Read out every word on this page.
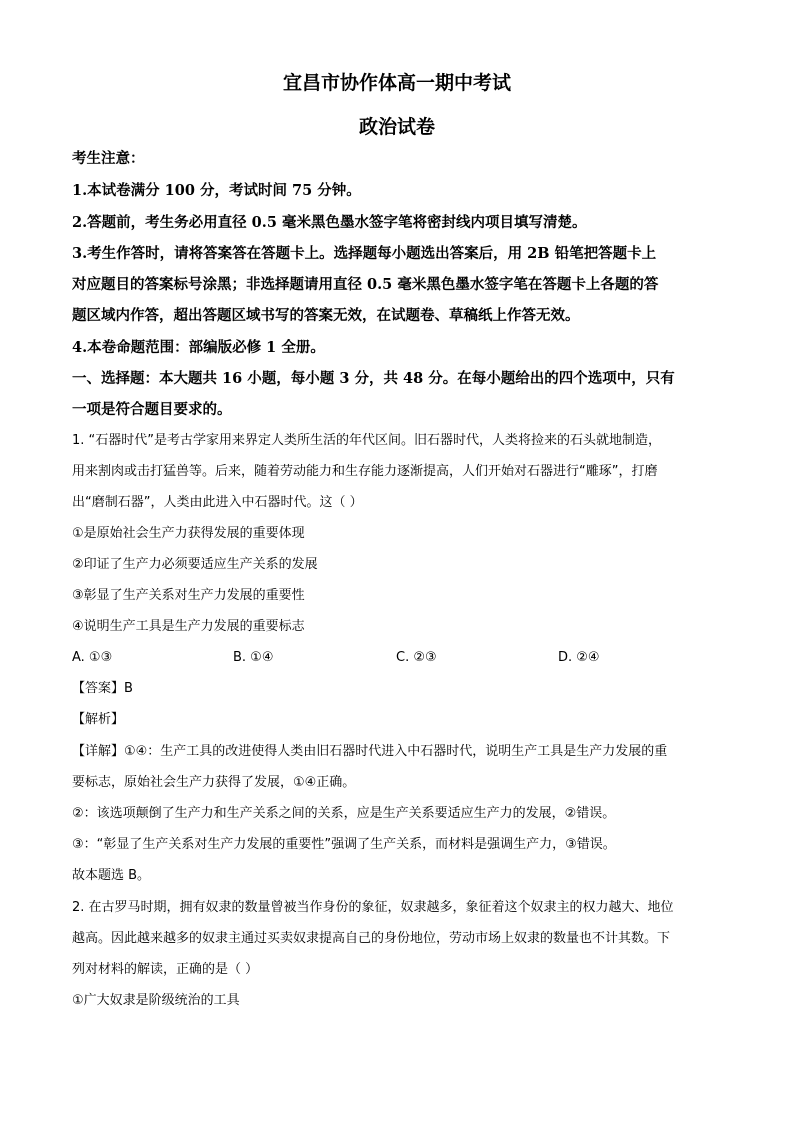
宜昌市协作体高一期中考试
政治试卷
考生注意：
1.本试卷满分 100 分，考试时间 75 分钟。
2.答题前，考生务必用直径 0.5 毫米黑色墨水签字笔将密封线内项目填写清楚。
3.考生作答时，请将答案答在答题卡上。选择题每小题选出答案后，用 2B 铅笔把答题卡上
对应题目的答案标号涂黑；非选择题请用直径 0.5 毫米黑色墨水签字笔在答题卡上各题的答
题区域内作答，超出答题区域书写的答案无效，在试题卷、草稿纸上作答无效。
4.本卷命题范围：部编版必修 1 全册。
一、选择题：本大题共 16 小题，每小题 3 分，共 48 分。在每小题给出的四个选项中，只有
一项是符合题目要求的。
1. “石器时代”是考古学家用来界定人类所生活的年代区间。旧石器时代，人类将捡来的石头就地制造，
用来割肉或击打猛兽等。后来，随着劳动能力和生存能力逐渐提高，人们开始对石器进行“雕琢”，打磨
出“磨制石器”，人类由此进入中石器时代。这（ ）
①是原始社会生产力获得发展的重要体现
②印证了生产力必须要适应生产关系的发展
③彰显了生产关系对生产力发展的重要性
④说明生产工具是生产力发展的重要标志
A. ①③	B. ①④	C. ②③	D. ②④
【答案】B
【解析】
【详解】①④：生产工具的改进使得人类由旧石器时代进入中石器时代，说明生产工具是生产力发展的重
要标志，原始社会生产力获得了发展，①④正确。
②：该选项颠倒了生产力和生产关系之间的关系，应是生产关系要适应生产力的发展，②错误。
③：“彰显了生产关系对生产力发展的重要性”强调了生产关系，而材料是强调生产力，③错误。
故本题选 B。
2. 在古罗马时期，拥有奴隶的数量曾被当作身份的象征，奴隶越多，象征着这个奴隶主的权力越大、地位
越高。因此越来越多的奴隶主通过买卖奴隶提高自己的身份地位，劳动市场上奴隶的数量也不计其数。下
列对材料的解读，正确的是（ ）
①广大奴隶是阶级统治的工具
